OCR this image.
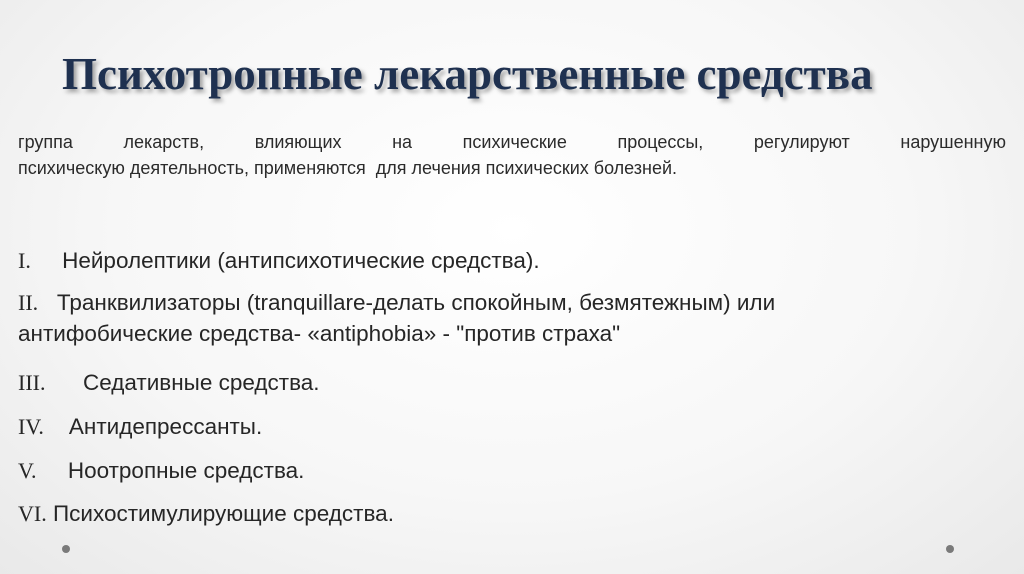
Психотропные лекарственные средства
группа лекарств, влияющих на психические процессы, регулируют нарушенную
психическую деятельность, применяются  для лечения психических болезней.
I. Нейролептики (антипсихотические средства).
II. Транквилизаторы (tranquillare-делать спокойным, безмятежным) или
антифобические средства- «antiphobia» - "против страха"
III. Седативные средства.
IV. Антидепрессанты.
V. Ноотропные средства.
VI. Психостимулирующие средства.
